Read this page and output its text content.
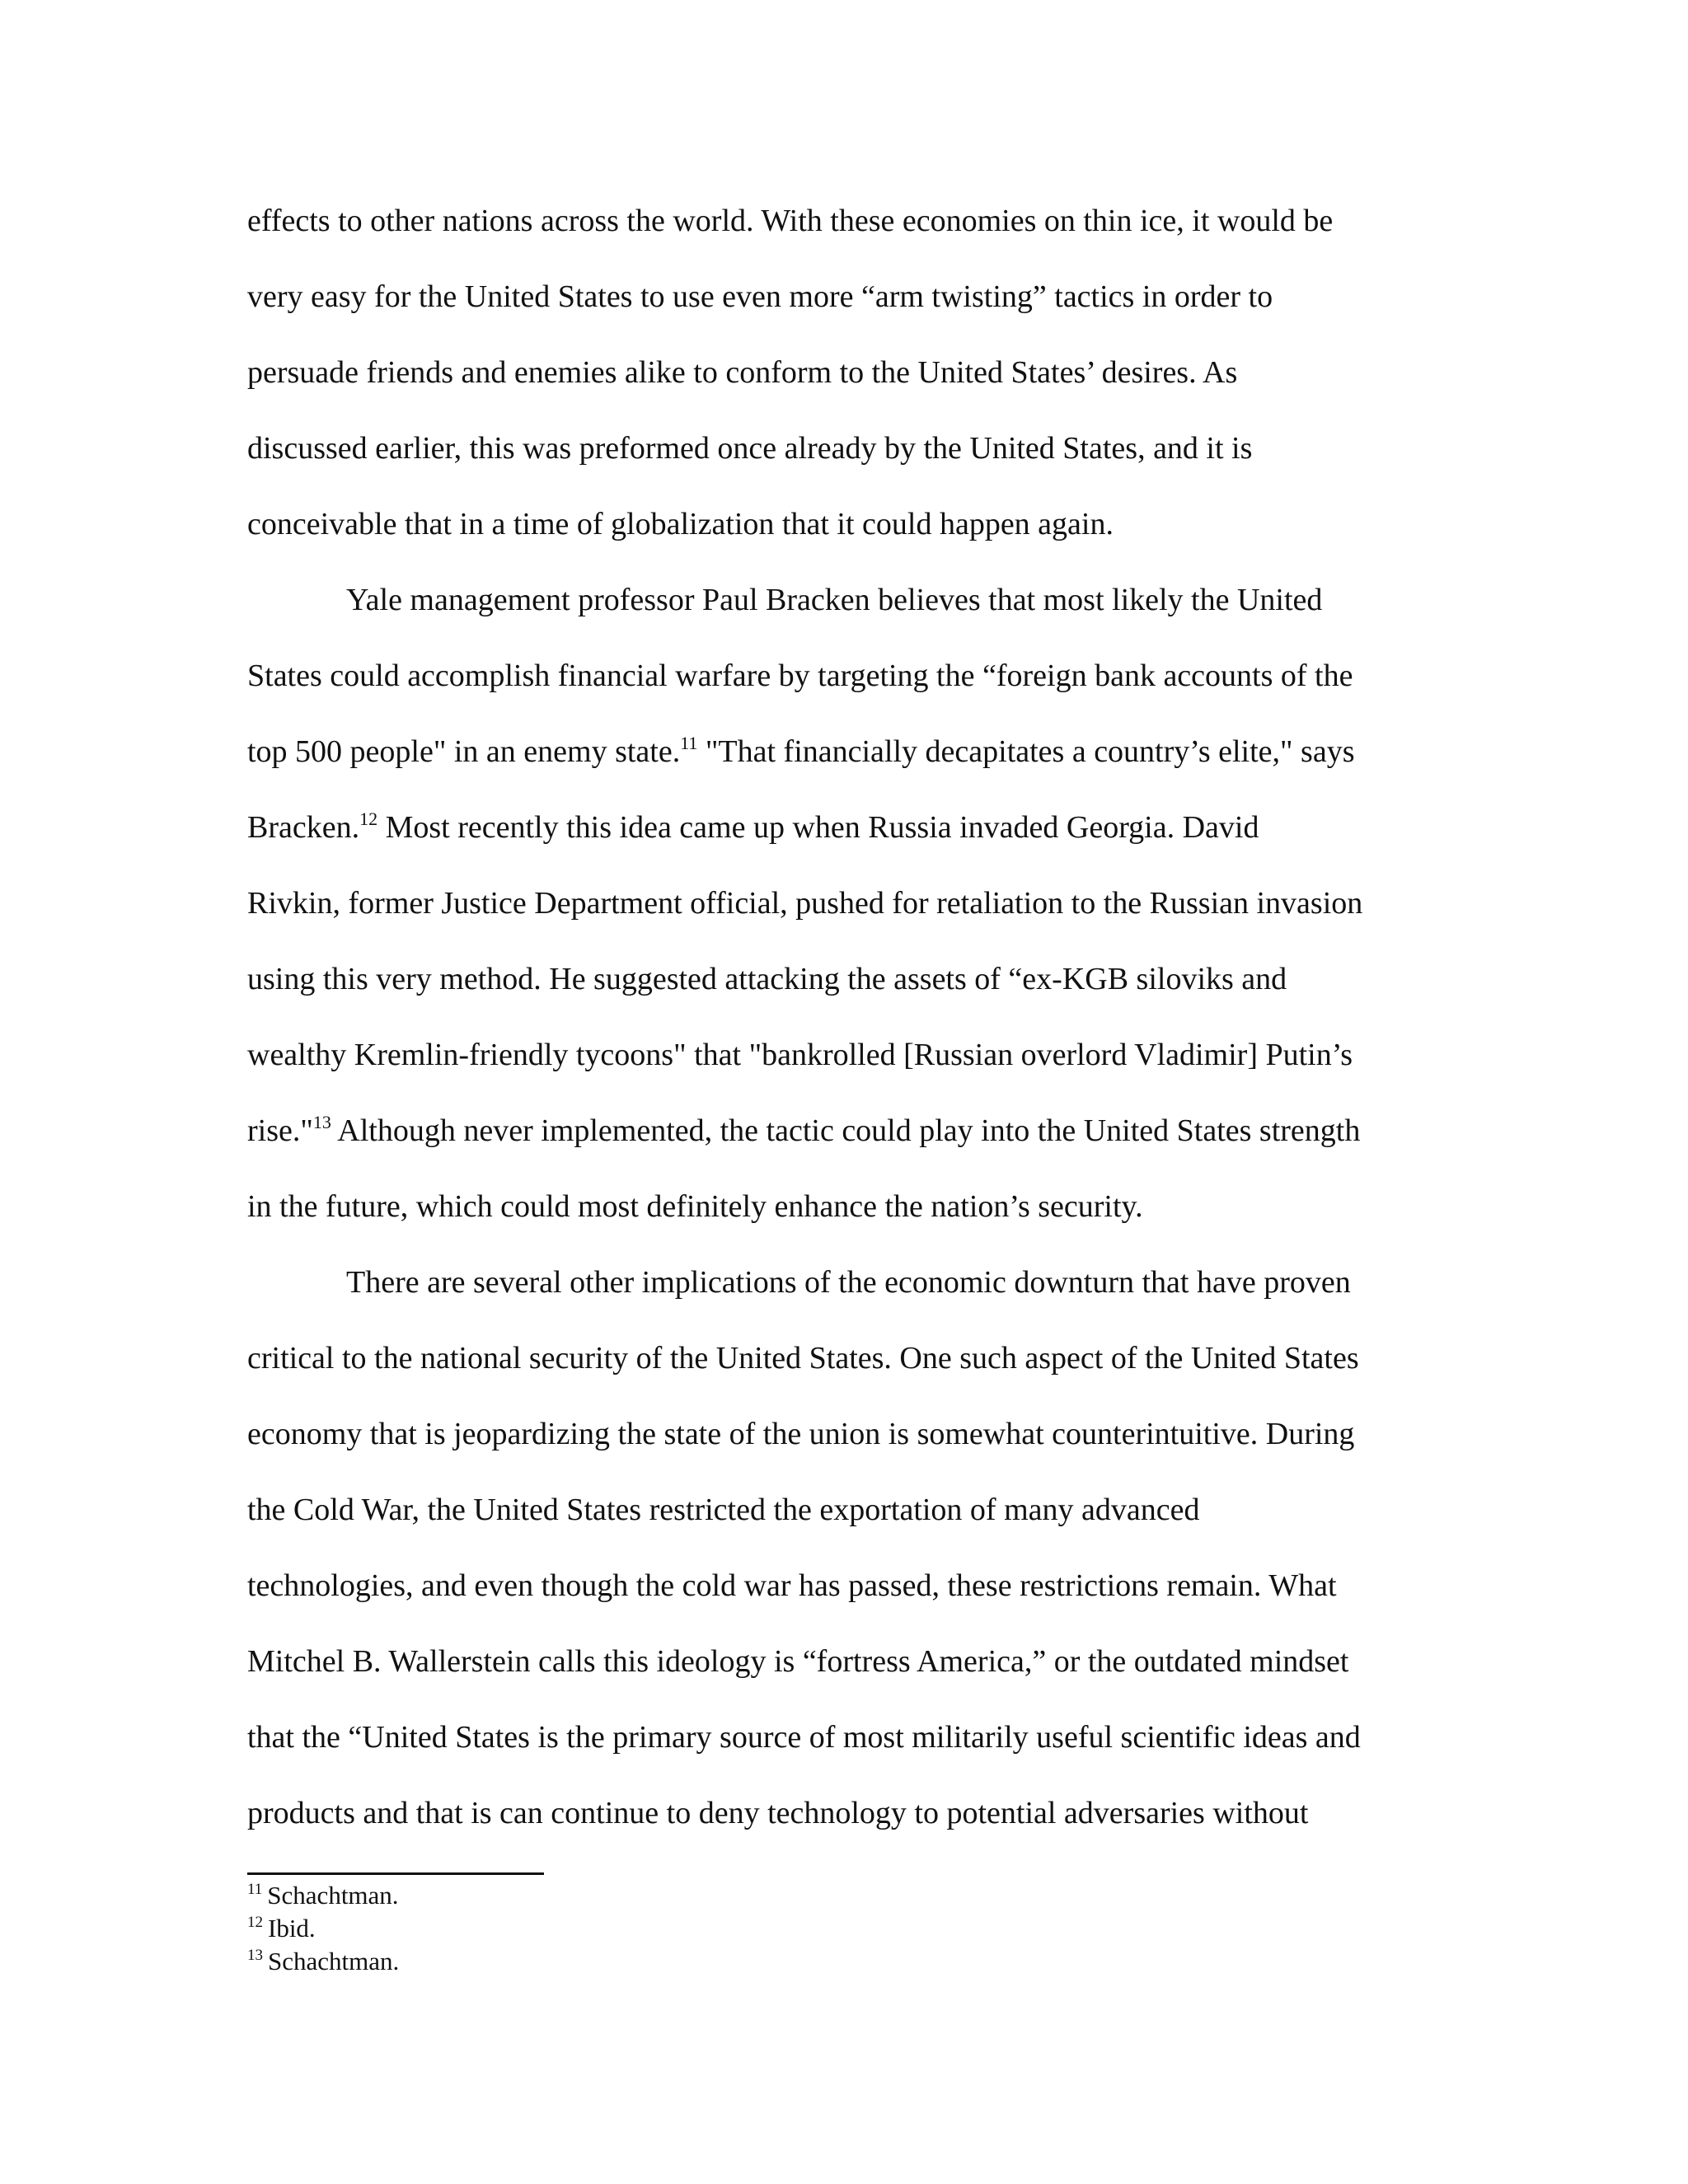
effects to other nations across the world. With these economies on thin ice, it would be
very easy for the United States to use even more “arm twisting” tactics in order to
persuade friends and enemies alike to conform to the United States’ desires. As
discussed earlier, this was preformed once already by the United States, and it is
conceivable that in a time of globalization that it could happen again.
Yale management professor Paul Bracken believes that most likely the United
States could accomplish financial warfare by targeting the “foreign bank accounts of the
top 500 people" in an enemy state.$^{11}$ "That financially decapitates a country’s elite," says
Bracken.$^{12}$ Most recently this idea came up when Russia invaded Georgia. David
Rivkin, former Justice Department official, pushed for retaliation to the Russian invasion
using this very method. He suggested attacking the assets of “ex-KGB siloviks and
wealthy Kremlin-friendly tycoons" that "bankrolled [Russian overlord Vladimir] Putin’s
rise."$^{13}$ Although never implemented, the tactic could play into the United States strength
in the future, which could most definitely enhance the nation’s security.
There are several other implications of the economic downturn that have proven
critical to the national security of the United States. One such aspect of the United States
economy that is jeopardizing the state of the union is somewhat counterintuitive. During
the Cold War, the United States restricted the exportation of many advanced
technologies, and even though the cold war has passed, these restrictions remain. What
Mitchel B. Wallerstein calls this ideology is “fortress America,” or the outdated mindset
that the “United States is the primary source of most militarily useful scientific ideas and
products and that is can continue to deny technology to potential adversaries without
$^{11}$ Schachtman.
$^{12}$ Ibid.
$^{13}$ Schachtman.
